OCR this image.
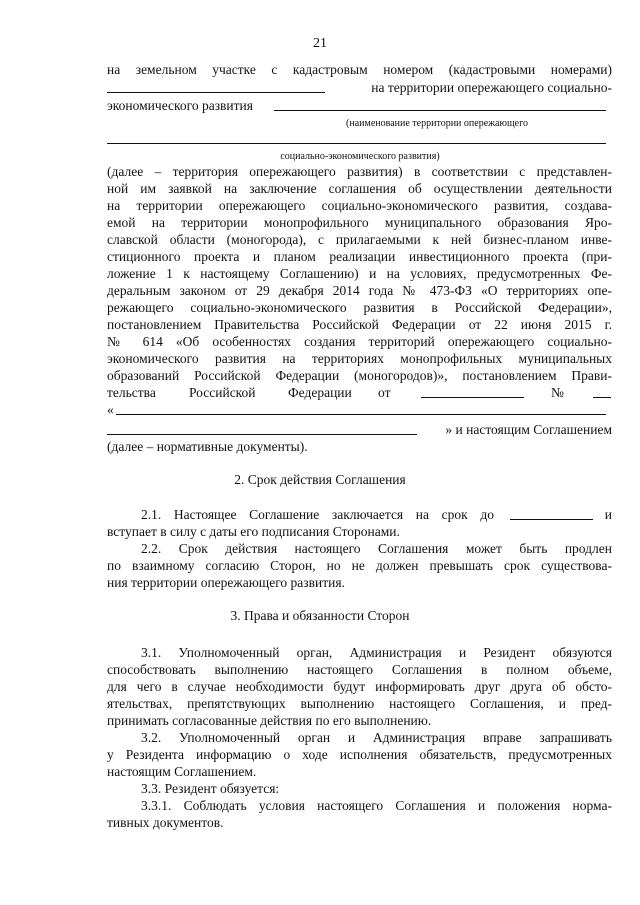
21
на земельном участке с кадастровым номером (кадастровыми номерами)
на территории опережающего социально-
экономического развития
(наименование территории опережающего
социально-экономического развития)
(далее – территория опережающего развития) в соответствии с представлен-
ной им заявкой на заключение соглашения об осуществлении деятельности
на территории опережающего социально-экономического развития, создава-
емой на территории монопрофильного муниципального образования Яро-
славской области (моногорода), с прилагаемыми к ней бизнес-планом инве-
стиционного проекта и планом реализации инвестиционного проекта (при-
ложение 1 к настоящему Соглашению) и на условиях, предусмотренных Фе-
деральным законом от 29 декабря 2014 года № 473-ФЗ «О территориях опе-
режающего социально-экономического развития в Российской Федерации»,
постановлением Правительства Российской Федерации от 22 июня 2015 г.
№ 614 «Об особенностях создания территорий опережающего социально-
экономического развития на территориях монопрофильных муниципальных
образований Российской Федерации (моногородов)», постановлением Прави-
тельства Российской Федерации от	№
«
» и настоящим Соглашением
(далее – нормативные документы).
2. Срок действия Соглашения
2.1. Настоящее Соглашение заключается на срок до	и
вступает в силу с даты его подписания Сторонами.
2.2. Срок действия настоящего Соглашения может быть продлен
по взаимному согласию Сторон, но не должен превышать срок существова-
ния территории опережающего развития.
3. Права и обязанности Сторон
3.1. Уполномоченный орган, Администрация и Резидент обязуются
способствовать выполнению настоящего Соглашения в полном объеме,
для чего в случае необходимости будут информировать друг друга об обсто-
ятельствах, препятствующих выполнению настоящего Соглашения, и пред-
принимать согласованные действия по его выполнению.
3.2. Уполномоченный орган и Администрация вправе запрашивать
у Резидента информацию о ходе исполнения обязательств, предусмотренных
настоящим Соглашением.
3.3. Резидент обязуется:
3.3.1. Соблюдать условия настоящего Соглашения и положения норма-
тивных документов.
